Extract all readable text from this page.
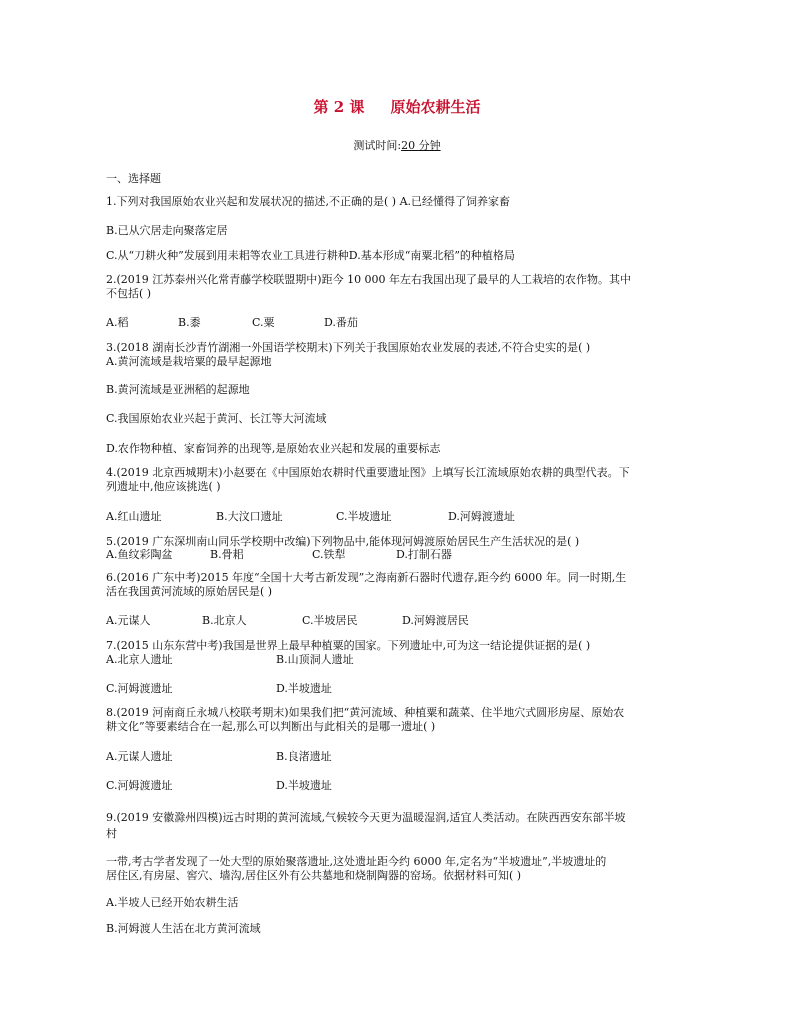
第 2 课 原始农耕生活
测试时间:20 分钟
一、选择题
1.下列对我国原始农业兴起和发展状况的描述,不正确的是( ) A.已经懂得了饲养家畜
B.已从穴居走向聚落定居
C.从“刀耕火种”发展到用耒耜等农业工具进行耕种D.基本形成“南粟北稻”的种植格局
2.(2019 江苏泰州兴化常青藤学校联盟期中)距今 10 000 年左右我国出现了最早的人工栽培的农作物。其中
不包括( )
A.稻	B.黍	C.粟	D.番茄
3.(2018 湖南长沙青竹湖湘一外国语学校期末)下列关于我国原始农业发展的表述,不符合史实的是( )
A.黄河流域是栽培粟的最早起源地
B.黄河流域是亚洲稻的起源地
C.我国原始农业兴起于黄河、长江等大河流域
D.农作物种植、家畜饲养的出现等,是原始农业兴起和发展的重要标志
4.(2019 北京西城期末)小赵要在《中国原始农耕时代重要遗址图》上填写长江流域原始农耕的典型代表。下
列遗址中,他应该挑选( )
A.红山遗址	B.大汶口遗址	C.半坡遗址	D.河姆渡遗址
5.(2019 广东深圳南山同乐学校期中改编)下列物品中,能体现河姆渡原始居民生产生活状况的是( )
A.鱼纹彩陶盆	B.骨耜	C.铁犁	D.打制石器
6.(2016 广东中考)2015 年度“全国十大考古新发现”之海南新石器时代遗存,距今约 6000 年。同一时期,生
活在我国黄河流域的原始居民是( )
A.元谋人	B.北京人	C.半坡居民	D.河姆渡居民
7.(2015 山东东营中考)我国是世界上最早种植粟的国家。下列遗址中,可为这一结论提供证据的是( )
A.北京人遗址	B.山顶洞人遗址
C.河姆渡遗址	D.半坡遗址
8.(2019 河南商丘永城八校联考期末)如果我们把“黄河流域、种植粟和蔬菜、住半地穴式圆形房屋、原始农
耕文化”等要素结合在一起,那么可以判断出与此相关的是哪一遗址( )
A.元谋人遗址	B.良渚遗址
C.河姆渡遗址	D.半坡遗址
9.(2019 安徽滁州四模)远古时期的黄河流域,气候较今天更为温暖湿润,适宜人类活动。在陕西西安东部半坡
村
一带,考古学者发现了一处大型的原始聚落遗址,这处遗址距今约 6000 年,定名为“半坡遗址”,半坡遗址的
居住区,有房屋、窖穴、墙沟,居住区外有公共墓地和烧制陶器的窑场。依据材料可知( )
A.半坡人已经开始农耕生活
B.河姆渡人生活在北方黄河流域
